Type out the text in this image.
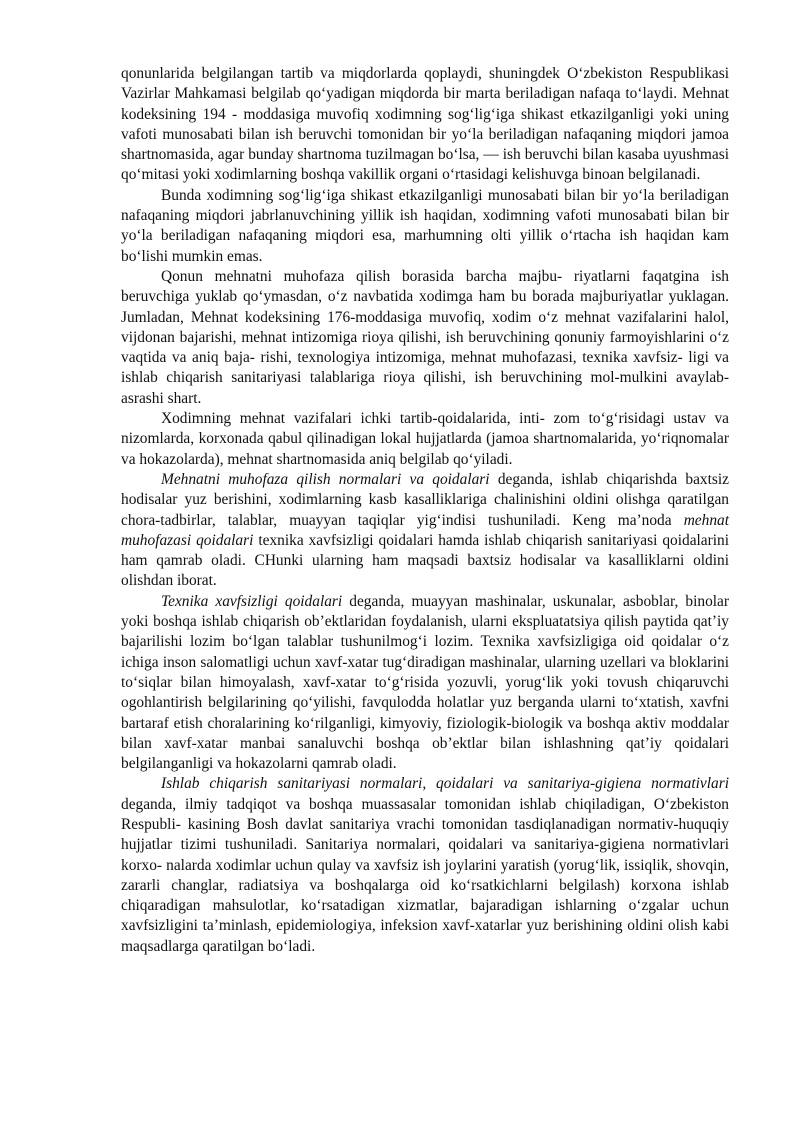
qonunlarida belgilangan tartib va miqdorlarda qoplaydi, shuningdek O‘zbekiston Respublikasi Vazirlar Mahkamasi belgilab qo‘yadigan miqdorda bir marta beriladigan nafaqa to‘laydi. Mehnat kodeksining 194 - moddasiga muvofiq xodimning sog‘lig‘iga shikast etkazilganligi yoki uning vafoti munosabati bilan ish beruvchi tomonidan bir yo‘la beriladigan nafaqaning miqdori jamoa shartnomasida, agar bunday shartnoma tuzilmagan bo‘lsa, — ish beruvchi bilan kasaba uyushmasi qo‘mitasi yoki xodimlarning boshqa vakillik organi o‘rtasidagi kelishuvga binoan belgilanadi.

Bunda xodimning sog‘lig‘iga shikast etkazilganligi munosabati bilan bir yo‘la beriladigan nafaqaning miqdori jabrlanuvchining yillik ish haqidan, xodimning vafoti munosabati bilan bir yo‘la beriladigan nafaqaning miqdori esa, marhumning olti yillik o‘rtacha ish haqidan kam bo‘lishi mumkin emas.

Qonun mehnatni muhofaza qilish borasida barcha majbu- riyatlarni faqatgina ish beruvchiga yuklab qo‘ymasdan, o‘z navbatida xodimga ham bu borada majburiyatlar yuklagan. Jumladan, Mehnat kodeksining 176-moddasiga muvofiq, xodim o‘z mehnat vazifalarini halol, vijdonan bajarishi, mehnat intizomiga rioya qilishi, ish beruvchining qonuniy farmoyishlarini o‘z vaqtida va aniq baja- rishi, texnologiya intizomiga, mehnat muhofazasi, texnika xavfsiz- ligi va ishlab chiqarish sanitariyasi talablariga rioya qilishi, ish beruvchining mol-mulkini avaylab-asrashi shart.

Xodimning mehnat vazifalari ichki tartib-qoidalarida, inti- zom to‘g‘risidagi ustav va nizomlarda, korxonada qabul qilinadigan lokal hujjatlarda (jamoa shartnomalarida, yo‘riqnomalar va hokazolarda), mehnat shartnomasida aniq belgilab qo‘yiladi.

Mehnatni muhofaza qilish normalari va qoidalari deganda, ishlab chiqarishda baxtsiz hodisalar yuz berishini, xodimlarning kasb kasalliklariga chalinishini oldini olishga qaratilgan chora-tadbirlar, talablar, muayyan taqiqlar yig‘indisi tushuniladi. Keng ma’noda mehnat muhofazasi qoidalari texnika xavfsizligi qoidalari hamda ishlab chiqarish sanitariyasi qoidalarini ham qamrab oladi. CHunki ularning ham maqsadi baxtsiz hodisalar va kasalliklarni oldini olishdan iborat.

Texnika xavfsizligi qoidalari deganda, muayyan mashinalar, uskunalar, asboblar, binolar yoki boshqa ishlab chiqarish ob’ektlaridan foydalanish, ularni ekspluatatsiya qilish paytida qat’iy bajarilishi lozim bo‘lgan talablar tushunilmog‘i lozim. Texnika xavfsizligiga oid qoidalar o‘z ichiga inson salomatligi uchun xavf-xatar tug‘diradigan mashinalar, ularning uzellari va bloklarini to‘siqlar bilan himoyalash, xavf-xatar to‘g‘risida yozuvli, yorug‘lik yoki tovush chiqaruvchi ogohlantirish belgilarining qo‘yilishi, favqulodda holatlar yuz berganda ularni to‘xtatish, xavfni bartaraf etish choralarining ko‘rilganligi, kimyoviy, fiziologik-biologik va boshqa aktiv moddalar bilan xavf-xatar manbai sanaluvchi boshqa ob’ektlar bilan ishlashning qat’iy qoidalari belgilanganligi va hokazolarni qamrab oladi.

Ishlab chiqarish sanitariyasi normalari, qoidalari va sanitariya-gigiena normativlari deganda, ilmiy tadqiqot va boshqa muassasalar tomonidan ishlab chiqiladigan, O‘zbekiston Respubli- kasining Bosh davlat sanitariya vrachi tomonidan tasdiqlanadigan normativ-huquqiy hujjatlar tizimi tushuniladi. Sanitariya normalari, qoidalari va sanitariya-gigiena normativlari korxo- nalarda xodimlar uchun qulay va xavfsiz ish joylarini yaratish (yorug‘lik, issiqlik, shovqin, zararli changlar, radiatsiya va boshqalarga oid ko‘rsatkichlarni belgilash) korxona ishlab chiqaradigan mahsulotlar, ko‘rsatadigan xizmatlar, bajaradigan ishlarning o‘zgalar uchun xavfsizligini ta’minlash, epidemiologiya, infeksion xavf-xatarlar yuz berishining oldini olish kabi maqsadlarga qaratilgan bo‘ladi.
